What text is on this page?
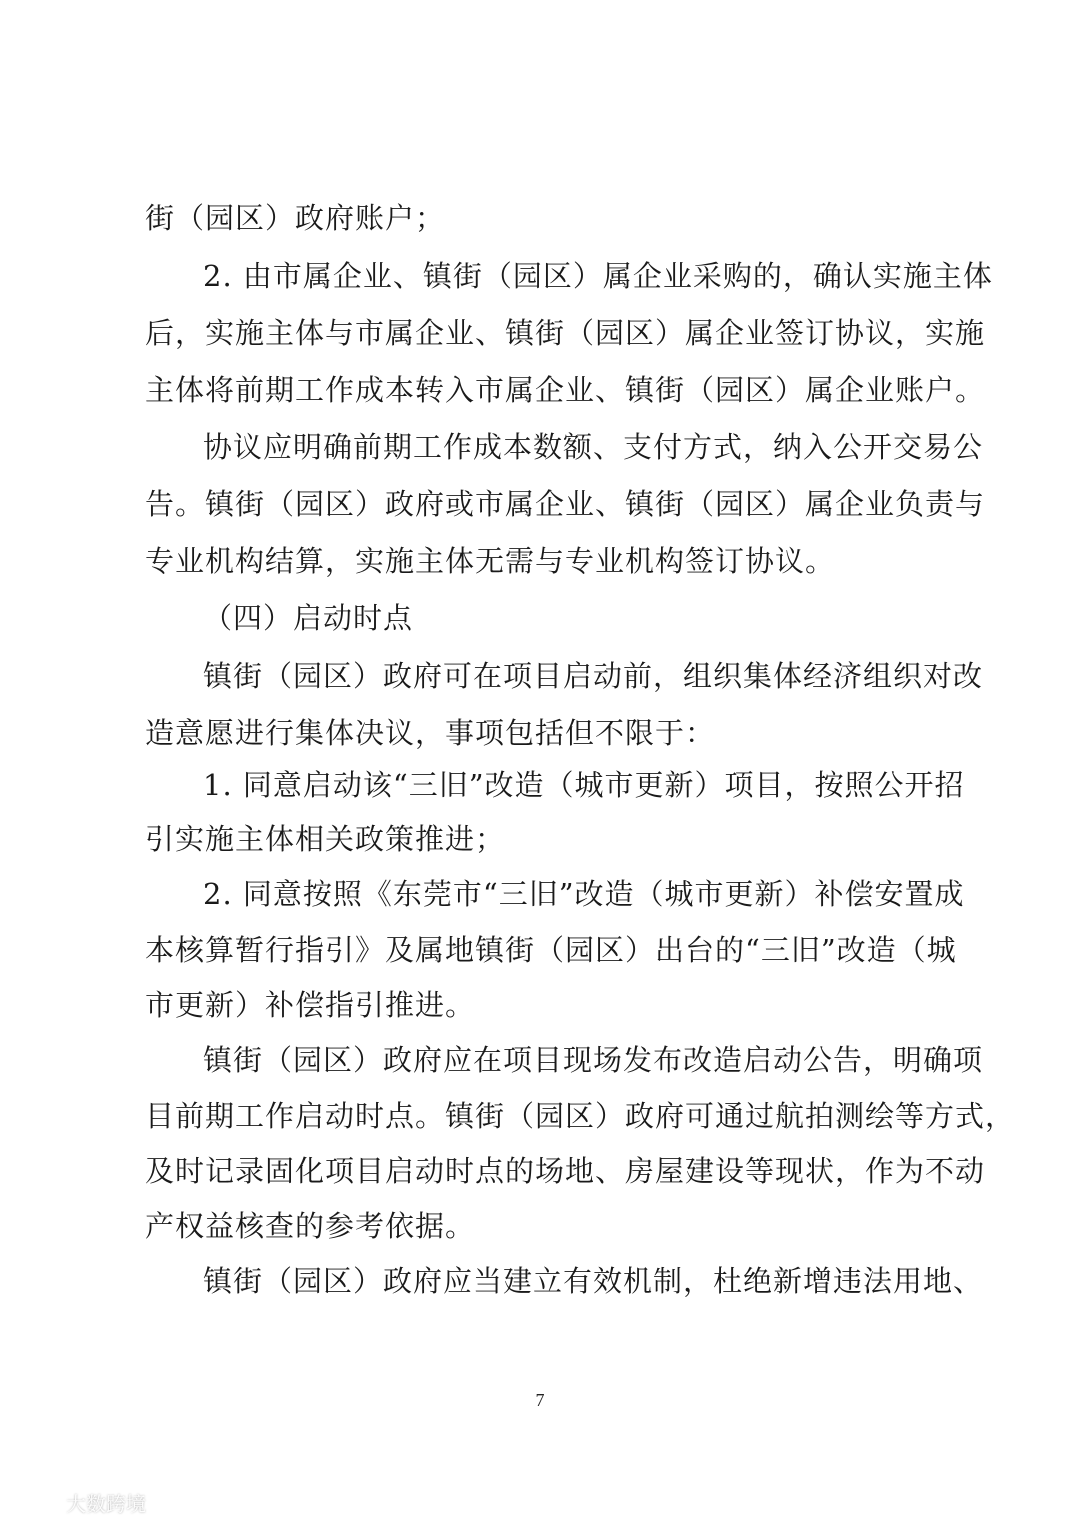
街（园区）政府账户；
2. 由市属企业、镇街（园区）属企业采购的，确认实施主体
后，实施主体与市属企业、镇街（园区）属企业签订协议，实施
主体将前期工作成本转入市属企业、镇街（园区）属企业账户。
协议应明确前期工作成本数额、支付方式，纳入公开交易公
告。镇街（园区）政府或市属企业、镇街（园区）属企业负责与
专业机构结算，实施主体无需与专业机构签订协议。
（四）启动时点
镇街（园区）政府可在项目启动前，组织集体经济组织对改
造意愿进行集体决议，事项包括但不限于：
1. 同意启动该“三旧”改造（城市更新）项目，按照公开招
引实施主体相关政策推进；
2. 同意按照《东莞市“三旧”改造（城市更新）补偿安置成
本核算暂行指引》及属地镇街（园区）出台的“三旧”改造（城
市更新）补偿指引推进。
镇街（园区）政府应在项目现场发布改造启动公告，明确项
目前期工作启动时点。镇街（园区）政府可通过航拍测绘等方式，
及时记录固化项目启动时点的场地、房屋建设等现状，作为不动
产权益核查的参考依据。
镇街（园区）政府应当建立有效机制，杜绝新增违法用地、
7
大数跨境
